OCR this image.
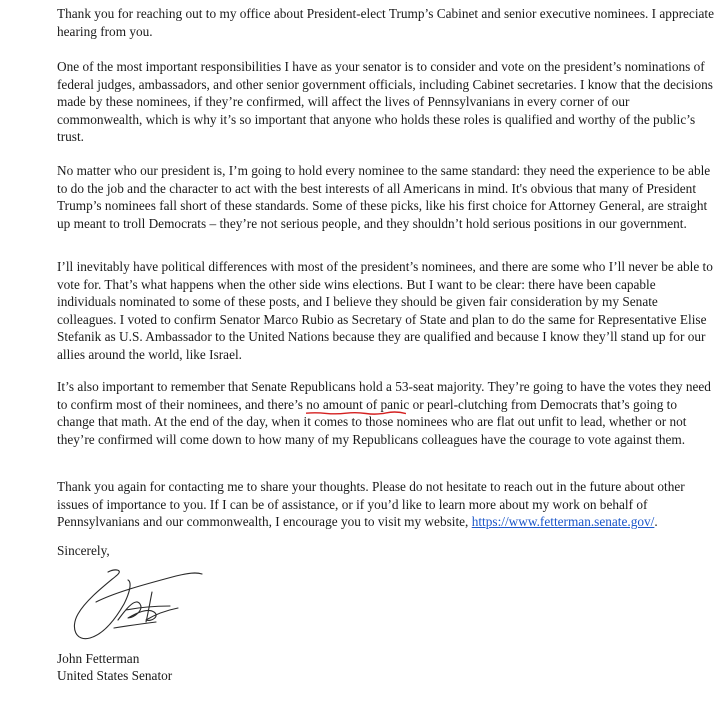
Thank you for reaching out to my office about President-elect Trump’s Cabinet and senior executive nominees. I appreciate hearing from you.

One of the most important responsibilities I have as your senator is to consider and vote on the president’s nominations of federal judges, ambassadors, and other senior government officials, including Cabinet secretaries. I know that the decisions made by these nominees, if they’re confirmed, will affect the lives of Pennsylvanians in every corner of our commonwealth, which is why it’s so important that anyone who holds these roles is qualified and worthy of the public’s trust.

No matter who our president is, I’m going to hold every nominee to the same standard: they need the experience to be able to do the job and the character to act with the best interests of all Americans in mind. It's obvious that many of President Trump’s nominees fall short of these standards. Some of these picks, like his first choice for Attorney General, are straight up meant to troll Democrats – they’re not serious people, and they shouldn’t hold serious positions in our government.

I’ll inevitably have political differences with most of the president’s nominees, and there are some who I’ll never be able to vote for. That’s what happens when the other side wins elections. But I want to be clear: there have been capable individuals nominated to some of these posts, and I believe they should be given fair consideration by my Senate colleagues. I voted to confirm Senator Marco Rubio as Secretary of State and plan to do the same for Representative Elise Stefanik as U.S. Ambassador to the United Nations because they are qualified and because I know they’ll stand up for our allies around the world, like Israel.

It’s also important to remember that Senate Republicans hold a 53-seat majority. They’re going to have the votes they need to confirm most of their nominees, and there’s no amount of panic or pearl-clutching from Democrats
that’s going to change that math. At the end of the day, when it comes to those nominees who are flat out unfit to lead, whether or not they’re confirmed will come down to how many of my Republicans colleagues have the courage to vote against them.

Thank you again for contacting me to share your thoughts. Please do not hesitate to reach out in the future about other issues of importance to you. If I can be of assistance, or if you’d like to learn more about my work on behalf of Pennsylvanians and our commonwealth, I encourage you to visit my website, https://www.fetterman.senate.gov/.

Sincerely,

John Fetterman

United States Senator
